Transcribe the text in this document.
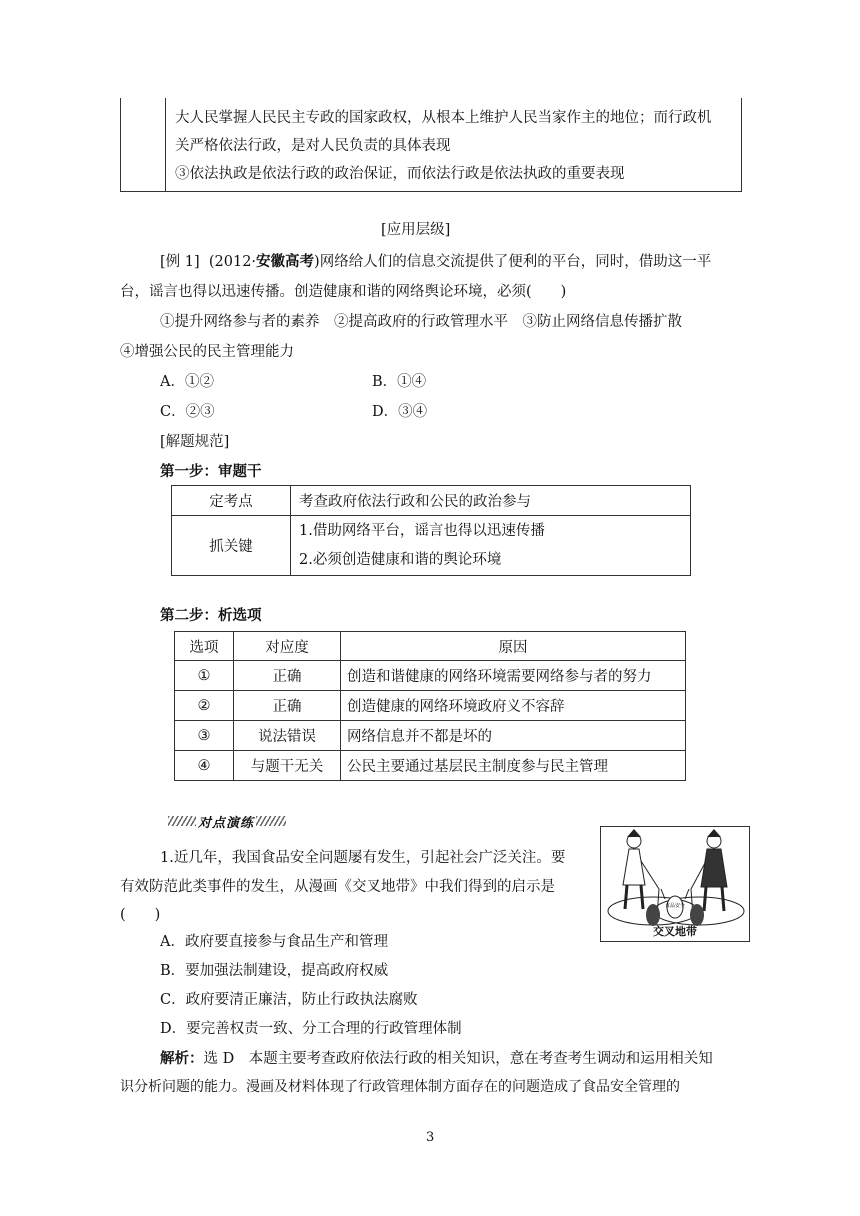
大人民掌握人民民主专政的国家政权，从根本上维护人民当家作主的地位；而行政机
关严格依法行政，是对人民负责的具体表现
③依法执政是依法行政的政治保证，而依法行政是依法执政的重要表现
[应用层级]
[例 1] (2012·安徽高考)网络给人们的信息交流提供了便利的平台，同时，借助这一平
台，谣言也得以迅速传播。创造健康和谐的网络舆论环境，必须(　　)
①提升网络参与者的素养　②提高政府的行政管理水平　③防止网络信息传播扩散
④增强公民的民主管理能力
A．①②	B．①④
C．②③	D．③④
[解题规范]
第一步：审题干
定考点	考查政府依法行政和公民的政治参与
抓关键	1.借助网络平台，谣言也得以迅速传播
2.必须创造健康和谐的舆论环境
第二步：析选项
选项	对应度	原因
①	正确	创造和谐健康的网络环境需要网络参与者的努力
②	正确	创造健康的网络环境政府义不容辞
③	说法错误	网络信息并不都是坏的
④	与题干无关	公民主要通过基层民主制度参与民主管理
对点演练
1.近几年，我国食品安全问题屡有发生，引起社会广泛关注。要
有效防范此类事件的发生，从漫画《交叉地带》中我们得到的启示是
(　　)
食品安全
交叉地带
A．政府要直接参与食品生产和管理
B．要加强法制建设，提高政府权威
C．政府要清正廉洁，防止行政执法腐败
D．要完善权责一致、分工合理的行政管理体制
解析：选 D　本题主要考查政府依法行政的相关知识，意在考查考生调动和运用相关知
识分析问题的能力。漫画及材料体现了行政管理体制方面存在的问题造成了食品安全管理的
3
